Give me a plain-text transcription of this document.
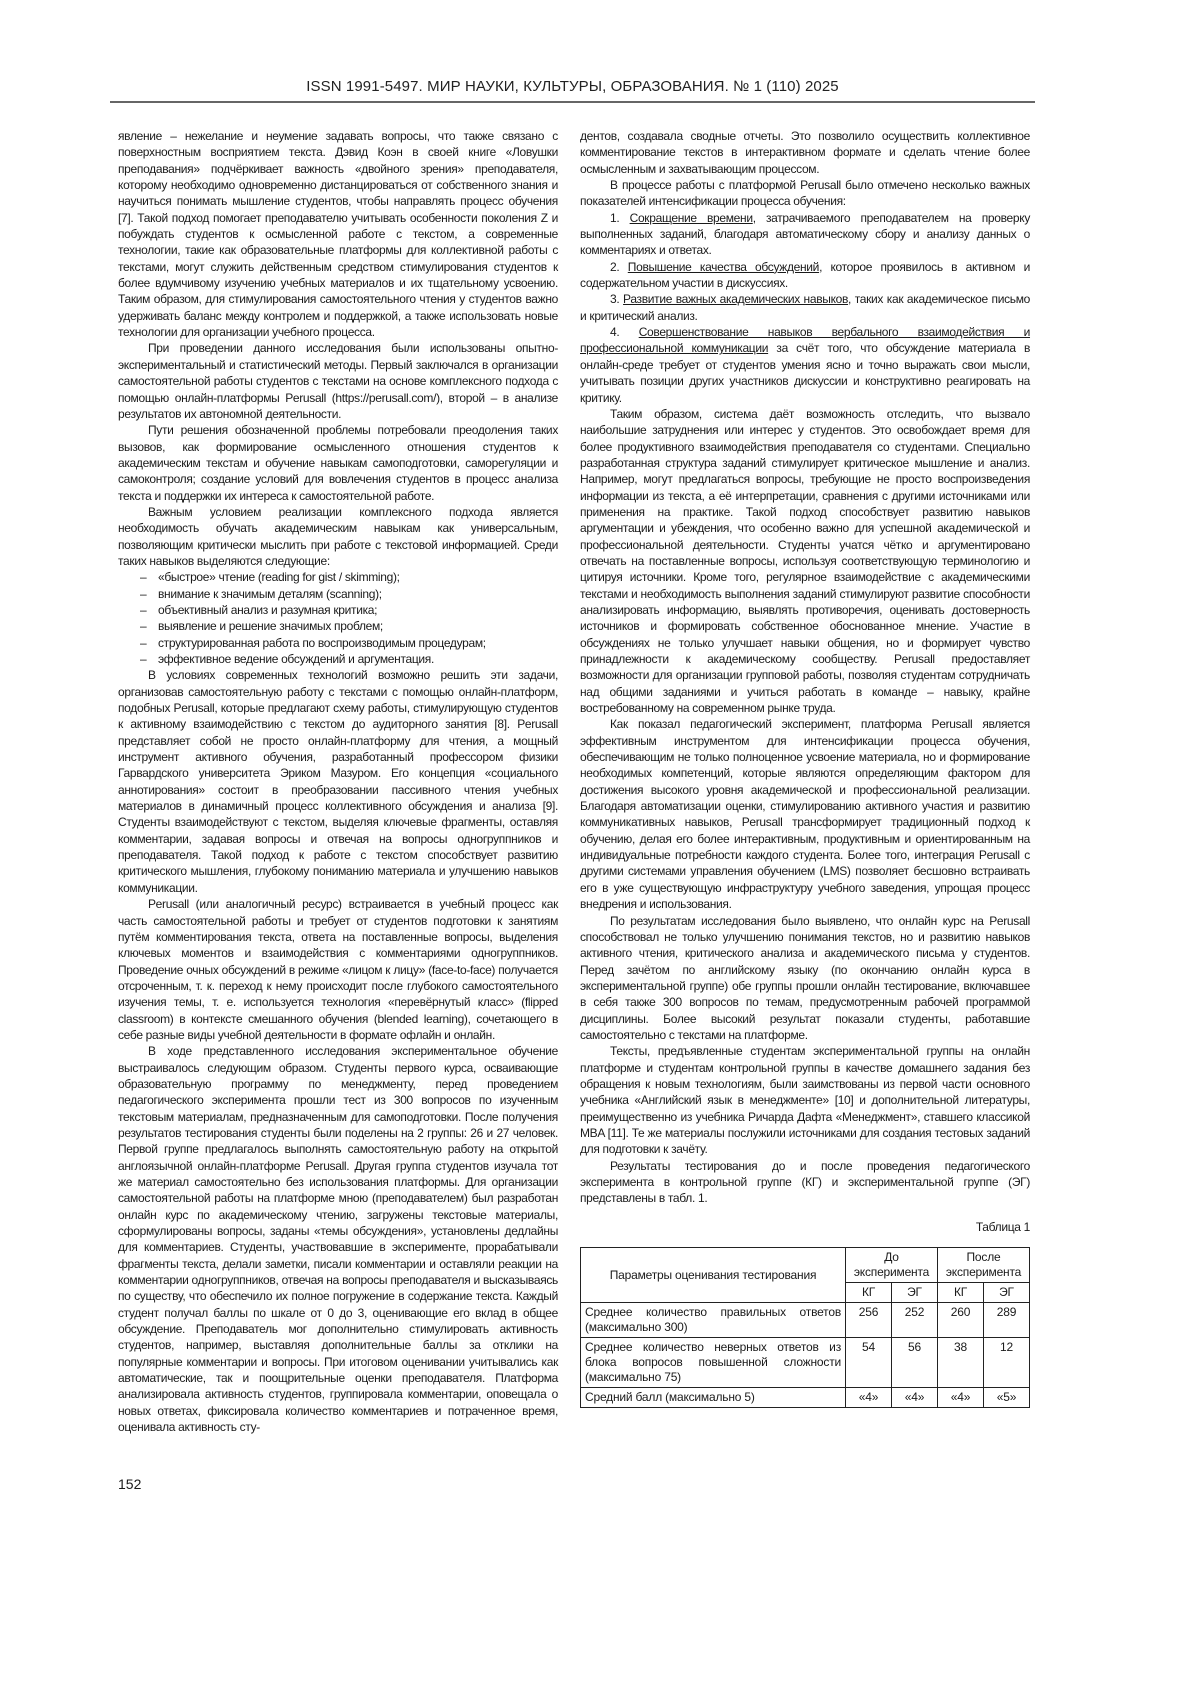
ISSN 1991-5497. МИР НАУКИ, КУЛЬТУРЫ, ОБРАЗОВАНИЯ. № 1 (110) 2025

явление – нежелание и неумение задавать вопросы, что также связано с поверхностным восприятием текста. Дэвид Коэн в своей книге «Ловушки преподавания» подчёркивает важность «двойного зрения» преподавателя, которому необходимо одновременно дистанцироваться от собственного знания и научиться понимать мышление студентов, чтобы направлять процесс обучения [7]. Такой подход помогает преподавателю учитывать особенности поколения Z и побуждать студентов к осмысленной работе с текстом, а современные технологии, такие как образовательные платформы для коллективной работы с текстами, могут служить действенным средством стимулирования студентов к более вдумчивому изучению учебных материалов и их тщательному усвоению. Таким образом, для стимулирования самостоятельного чтения у студентов важно удерживать баланс между контролем и поддержкой, а также использовать новые технологии для организации учебного процесса.

При проведении данного исследования были использованы опытно-экспериментальный и статистический методы. Первый заключался в организации самостоятельной работы студентов с текстами на основе комплексного подхода с помощью онлайн-платформы Perusall (https://perusall.com/), второй – в анализе результатов их автономной деятельности.

Пути решения обозначенной проблемы потребовали преодоления таких вызовов, как формирование осмысленного отношения студентов к академическим текстам и обучение навыкам самоподготовки, саморегуляции и самоконтроля; создание условий для вовлечения студентов в процесс анализа текста и поддержки их интереса к самостоятельной работе.

Важным условием реализации комплексного подхода является необходимость обучать академическим навыкам как универсальным, позволяющим критически мыслить при работе с текстовой информацией. Среди таких навыков выделяются следующие:

– «быстрое» чтение (reading for gist / skimming);
– внимание к значимым деталям (scanning);
– объективный анализ и разумная критика;
– выявление и решение значимых проблем;
– структурированная работа по воспроизводимым процедурам;
– эффективное ведение обсуждений и аргументация.

В условиях современных технологий возможно решить эти задачи, организовав самостоятельную работу с текстами с помощью онлайн-платформ, подобных Perusall, которые предлагают схему работы, стимулирующую студентов к активному взаимодействию с текстом до аудиторного занятия [8]. Perusall представляет собой не просто онлайн-платформу для чтения, а мощный инструмент активного обучения, разработанный профессором физики Гарвардского университета Эриком Мазуром. Его концепция «социального аннотирования» состоит в преобразовании пассивного чтения учебных материалов в динамичный процесс коллективного обсуждения и анализа [9]. Студенты взаимодействуют с текстом, выделяя ключевые фрагменты, оставляя комментарии, задавая вопросы и отвечая на вопросы одногруппников и преподавателя. Такой подход к работе с текстом способствует развитию критического мышления, глубокому пониманию материала и улучшению навыков коммуникации.

Perusall (или аналогичный ресурс) встраивается в учебный процесс как часть самостоятельной работы и требует от студентов подготовки к занятиям путём комментирования текста, ответа на поставленные вопросы, выделения ключевых моментов и взаимодействия с комментариями одногруппников. Проведение очных обсуждений в режиме «лицом к лицу» (face-to-face) получается отсроченным, т. к. переход к нему происходит после глубокого самостоятельного изучения темы, т. е. используется технология «перевёрнутый класс» (flipped classroom) в контексте смешанного обучения (blended learning), сочетающего в себе разные виды учебной деятельности в формате офлайн и онлайн.

В ходе представленного исследования экспериментальное обучение выстраивалось следующим образом. Студенты первого курса, осваивающие образовательную программу по менеджменту, перед проведением педагогического эксперимента прошли тест из 300 вопросов по изученным текстовым материалам, предназначенным для самоподготовки. После получения результатов тестирования студенты были поделены на 2 группы: 26 и 27 человек. Первой группе предлагалось выполнять самостоятельную работу на открытой англоязычной онлайн-платформе Perusall. Другая группа студентов изучала тот же материал самостоятельно без использования платформы. Для организации самостоятельной работы на платформе мною (преподавателем) был разработан онлайн курс по академическому чтению, загружены текстовые материалы, сформулированы вопросы, заданы «темы обсуждения», установлены дедлайны для комментариев. Студенты, участвовавшие в эксперименте, прорабатывали фрагменты текста, делали заметки, писали комментарии и оставляли реакции на комментарии одногруппников, отвечая на вопросы преподавателя и высказываясь по существу, что обеспечило их полное погружение в содержание текста. Каждый студент получал баллы по шкале от 0 до 3, оценивающие его вклад в общее обсуждение. Преподаватель мог дополнительно стимулировать активность студентов, например, выставляя дополнительные баллы за отклики на популярные комментарии и вопросы. При итоговом оценивании учитывались как автоматические, так и поощрительные оценки преподавателя. Платформа анализировала активность студентов, группировала комментарии, оповещала о новых ответах, фиксировала количество комментариев и потраченное время, оценивала активность сту-

дентов, создавала сводные отчеты. Это позволило осуществить коллективное комментирование текстов в интерактивном формате и сделать чтение более осмысленным и захватывающим процессом.

В процессе работы с платформой Perusall было отмечено несколько важных показателей интенсификации процесса обучения:

1. Сокращение времени, затрачиваемого преподавателем на проверку выполненных заданий, благодаря автоматическому сбору и анализу данных о комментариях и ответах.

2. Повышение качества обсуждений, которое проявилось в активном и содержательном участии в дискуссиях.

3. Развитие важных академических навыков, таких как академическое письмо и критический анализ.

4. Совершенствование навыков вербального взаимодействия и профессиональной коммуникации за счёт того, что обсуждение материала в онлайн-среде требует от студентов умения ясно и точно выражать свои мысли, учитывать позиции других участников дискуссии и конструктивно реагировать на критику.

Таким образом, система даёт возможность отследить, что вызвало наибольшие затруднения или интерес у студентов. Это освобождает время для более продуктивного взаимодействия преподавателя со студентами. Специально разработанная структура заданий стимулирует критическое мышление и анализ. Например, могут предлагаться вопросы, требующие не просто воспроизведения информации из текста, а её интерпретации, сравнения с другими источниками или применения на практике. Такой подход способствует развитию навыков аргументации и убеждения, что особенно важно для успешной академической и профессиональной деятельности. Студенты учатся чётко и аргументировано отвечать на поставленные вопросы, используя соответствующую терминологию и цитируя источники. Кроме того, регулярное взаимодействие с академическими текстами и необходимость выполнения заданий стимулируют развитие способности анализировать информацию, выявлять противоречия, оценивать достоверность источников и формировать собственное обоснованное мнение. Участие в обсуждениях не только улучшает навыки общения, но и формирует чувство принадлежности к академическому сообществу. Perusall предоставляет возможности для организации групповой работы, позволяя студентам сотрудничать над общими заданиями и учиться работать в команде – навыку, крайне востребованному на современном рынке труда.

Как показал педагогический эксперимент, платформа Perusall является эффективным инструментом для интенсификации процесса обучения, обеспечивающим не только полноценное усвоение материала, но и формирование необходимых компетенций, которые являются определяющим фактором для достижения высокого уровня академической и профессиональной реализации. Благодаря автоматизации оценки, стимулированию активного участия и развитию коммуникативных навыков, Perusall трансформирует традиционный подход к обучению, делая его более интерактивным, продуктивным и ориентированным на индивидуальные потребности каждого студента. Более того, интеграция Perusall с другими системами управления обучением (LMS) позволяет бесшовно встраивать его в уже существующую инфраструктуру учебного заведения, упрощая процесс внедрения и использования.

По результатам исследования было выявлено, что онлайн курс на Perusall способствовал не только улучшению понимания текстов, но и развитию навыков активного чтения, критического анализа и академического письма у студентов. Перед зачётом по английскому языку (по окончанию онлайн курса в экспериментальной группе) обе группы прошли онлайн тестирование, включавшее в себя также 300 вопросов по темам, предусмотренным рабочей программой дисциплины. Более высокий результат показали студенты, работавшие самостоятельно с текстами на платформе.

Тексты, предъявленные студентам экспериментальной группы на онлайн платформе и студентам контрольной группы в качестве домашнего задания без обращения к новым технологиям, были заимствованы из первой части основного учебника «Английский язык в менеджменте» [10] и дополнительной литературы, преимущественно из учебника Ричарда Дафта «Менеджмент», ставшего классикой MBA [11]. Те же материалы послужили источниками для создания тестовых заданий для подготовки к зачёту.

Результаты тестирования до и после проведения педагогического эксперимента в контрольной группе (КГ) и экспериментальной группе (ЭГ) представлены в табл. 1.

Таблица 1
Параметры оценивания тестирования	До эксперимента		После эксперимента	
	КГ	ЭГ	КГ	ЭГ
Среднее количество правильных ответов (максимально 300)	256	252	260	289
Среднее количество неверных ответов из блока вопросов повышенной сложности (максимально 75)	54	56	38	12
Средний балл (максимально 5)	«4»	«4»	«4»	«5»
152
